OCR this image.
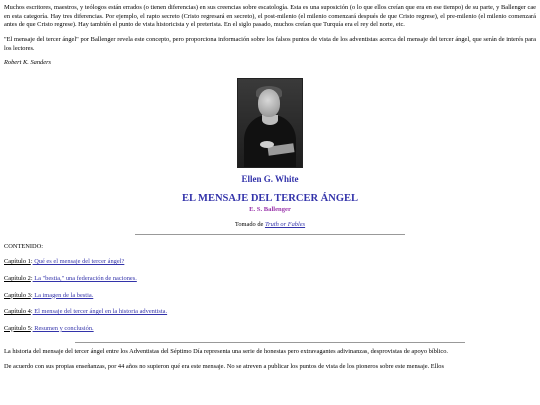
Muchos escritores, maestros, y teólogos están errados (o tienen diferencias) en sus creencias sobre escatología. Esta es una suposición (o lo que ellos creían que era en ese tiempo) de su parte, y Ballenger cae en esta categoría. Hay tres diferencias. Por ejemplo, el rapto secreto (Cristo regresará en secreto), el post-milenio (el milenio comenzará después de que Cristo regrese), el pre-milenio (el milenio comenzará antes de que Cristo regrese). Hay también el punto de vista historicista y el preterista. En el siglo pasado, muchos creían que Turquía era el rey del norte, etc.

"El mensaje del tercer ángel" por Ballenger revela este concepto, pero proporciona información sobre los falsos puntos de vista de los adventistas acerca del mensaje del tercer ángel, que serán de interés para los lectores.

Robert K. Sanders

Ellen G. White
EL MENSAJE DEL TERCER ÁNGEL
E. S. Ballenger
Tomado de Truth or Fables
CONTENIDO:
Capítulo 1: Qué es el mensaje del tercer ángel?
Capítulo 2: La "bestia," una federación de naciones.
Capítulo 3: La imagen de la bestia.
Capítulo 4: El mensaje del tercer ángel en la historia adventista.
Capítulo 5: Resumen y conclusión.

La historia del mensaje del tercer ángel entre los Adventistas del Séptimo Día representa una serie de honestas pero extravagantes adivinanzas, desprovistas de apoyo bíblico.

De acuerdo con sus propias enseñanzas, por 44 años no supieron qué era este mensaje. No se atreven a publicar los puntos de vista de los pioneros sobre este mensaje. Ellos
